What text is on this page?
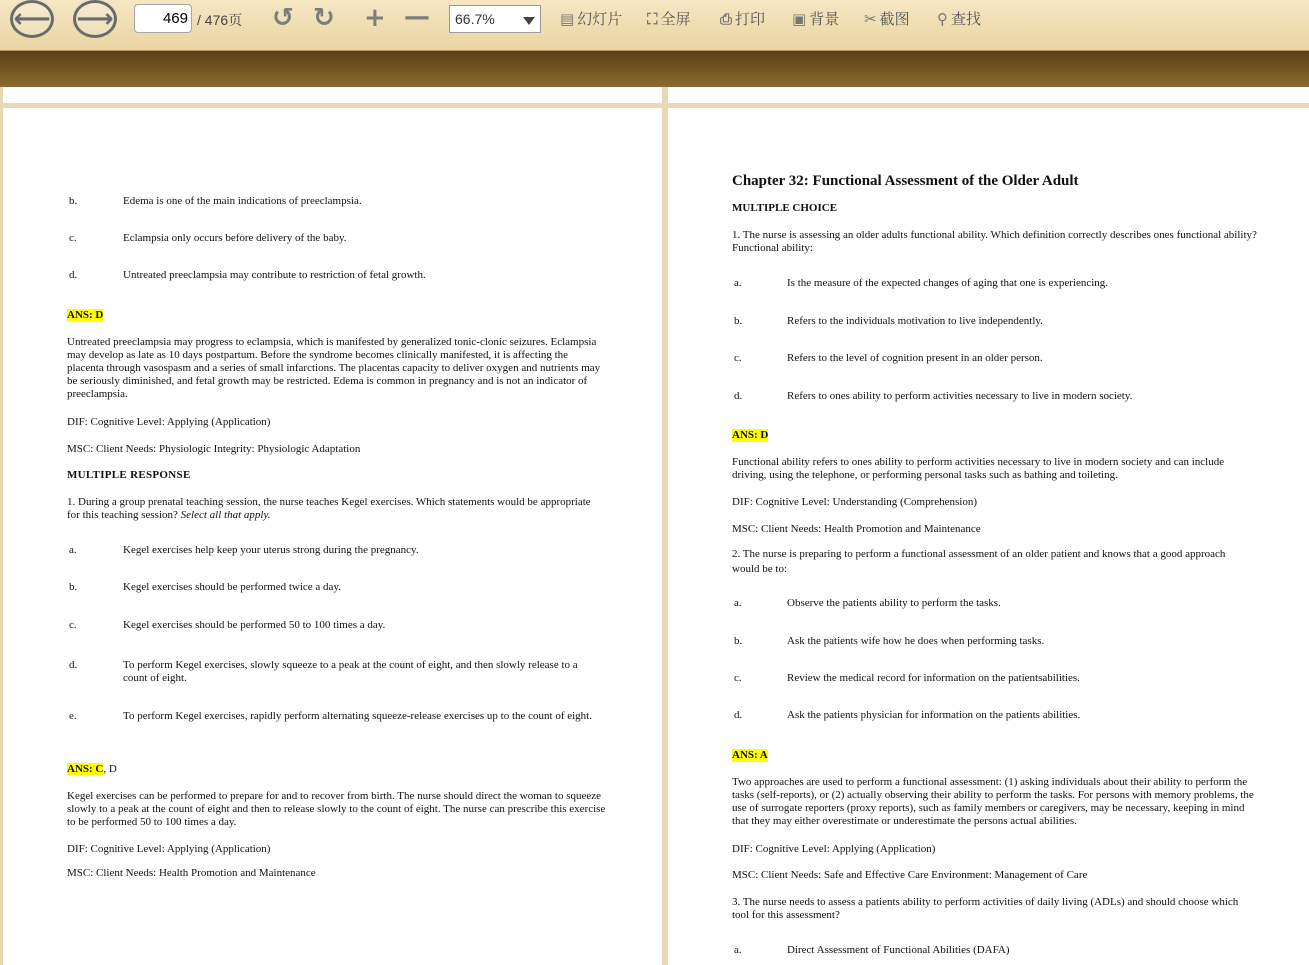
⟵ ⟶
469	/ 476页 ↺ ↻ + —	66.7%	▤ 幻灯片 ⛶ 全屏 ⎙ 打印 ▣ 背景 ✂ 截图 ⚲ 查找
b.	Edema is one of the main indications of preeclampsia.
c.	Eclampsia only occurs before delivery of the baby.
d.	Untreated preeclampsia may contribute to restriction of fetal growth.
ANS: D
Untreated preeclampsia may progress to eclampsia, which is manifested by generalized tonic-clonic seizures. Eclampsia may develop as late as 10 days postpartum. Before the syndrome becomes clinically manifested, it is affecting the placenta through vasospasm and a series of small infarctions. The placentas capacity to deliver oxygen and nutrients may be seriously diminished, and fetal growth may be restricted. Edema is common in pregnancy and is not an indicator of preeclampsia.
DIF: Cognitive Level: Applying (Application)
MSC: Client Needs: Physiologic Integrity: Physiologic Adaptation
MULTIPLE RESPONSE
1. During a group prenatal teaching session, the nurse teaches Kegel exercises. Which statements would be appropriate for this teaching session? Select all that apply.
a.	Kegel exercises help keep your uterus strong during the pregnancy.
b.	Kegel exercises should be performed twice a day.
c.	Kegel exercises should be performed 50 to 100 times a day.
d.	To perform Kegel exercises, slowly squeeze to a peak at the count of eight, and then slowly release to a count of eight.
e.	To perform Kegel exercises, rapidly perform alternating squeeze-release exercises up to the count of eight.
ANS: C, D
Kegel exercises can be performed to prepare for and to recover from birth. The nurse should direct the woman to squeeze slowly to a peak at the count of eight and then to release slowly to the count of eight. The nurse can prescribe this exercise to be performed 50 to 100 times a day.
DIF: Cognitive Level: Applying (Application)
MSC: Client Needs: Health Promotion and Maintenance
Chapter 32: Functional Assessment of the Older Adult
MULTIPLE CHOICE
1. The nurse is assessing an older adults functional ability. Which definition correctly describes ones functional ability? Functional ability:
a.	Is the measure of the expected changes of aging that one is experiencing.
b.	Refers to the individuals motivation to live independently.
c.	Refers to the level of cognition present in an older person.
d.	Refers to ones ability to perform activities necessary to live in modern society.
ANS: D
Functional ability refers to ones ability to perform activities necessary to live in modern society and can include driving, using the telephone, or performing personal tasks such as bathing and toileting.
DIF: Cognitive Level: Understanding (Comprehension)
MSC: Client Needs: Health Promotion and Maintenance
2. The nurse is preparing to perform a functional assessment of an older patient and knows that a good approach would be to:
a.	Observe the patients ability to perform the tasks.
b.	Ask the patients wife how he does when performing tasks.
c.	Review the medical record for information on the patientsabilities.
d.	Ask the patients physician for information on the patients abilities.
ANS: A
Two approaches are used to perform a functional assessment: (1) asking individuals about their ability to perform the tasks (self-reports), or (2) actually observing their ability to perform the tasks. For persons with memory problems, the use of surrogate reporters (proxy reports), such as family members or caregivers, may be necessary, keeping in mind that they may either overestimate or underestimate the persons actual abilities.
DIF: Cognitive Level: Applying (Application)
MSC: Client Needs: Safe and Effective Care Environment: Management of Care
3. The nurse needs to assess a patients ability to perform activities of daily living (ADLs) and should choose which tool for this assessment?
a.	Direct Assessment of Functional Abilities (DAFA)
